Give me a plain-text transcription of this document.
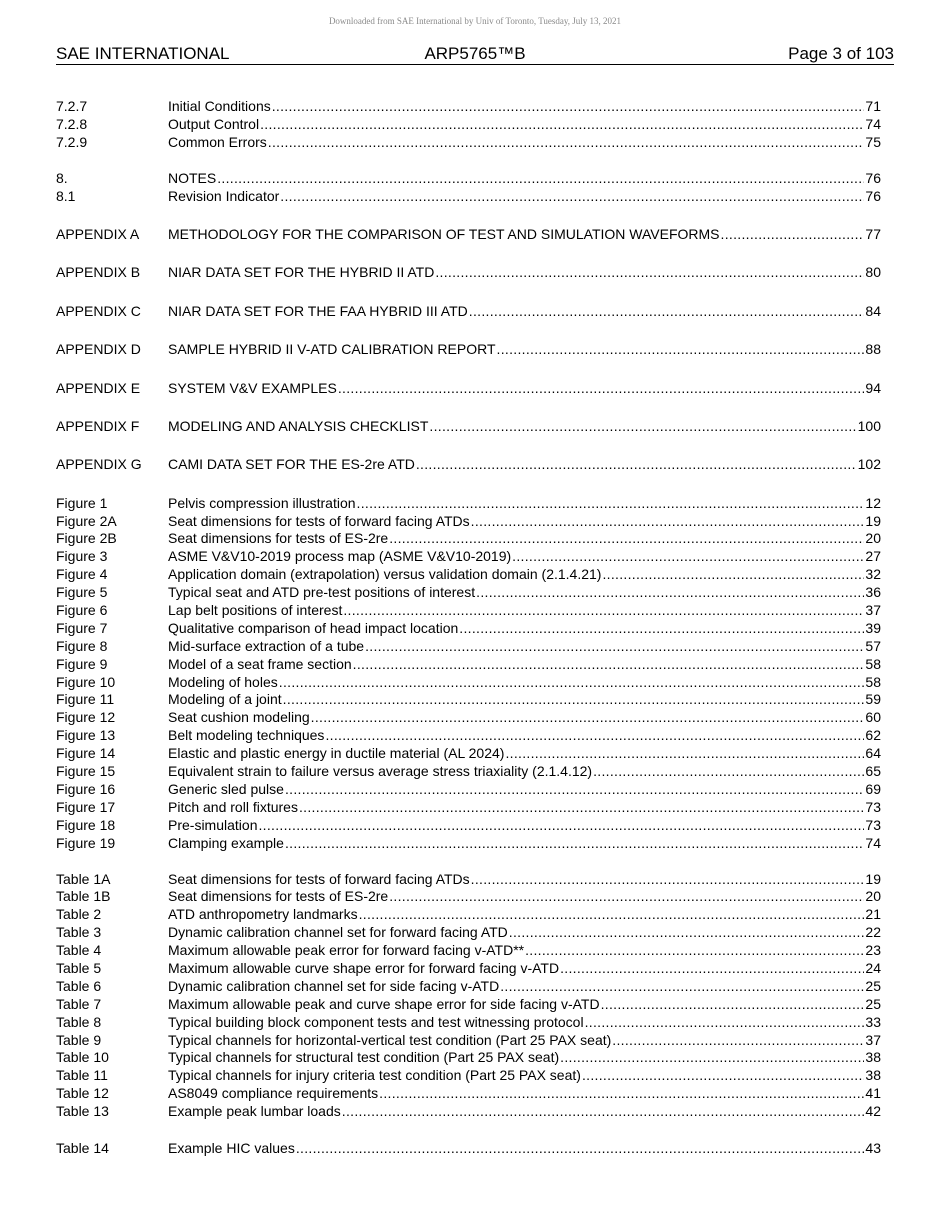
Downloaded from SAE International by Univ of Toronto, Tuesday, July 13, 2021
SAE INTERNATIONAL	ARP5765™B	Page 3 of 103
7.2.7	Initial Conditions .....	71
7.2.8	Output Control .....	74
7.2.9	Common Errors .....	75
8.	NOTES .....	76
8.1	Revision Indicator .....	76
APPENDIX A	METHODOLOGY FOR THE COMPARISON OF TEST AND SIMULATION WAVEFORMS .....	77
APPENDIX B	NIAR DATA SET FOR THE HYBRID II ATD .....	80
APPENDIX C	NIAR DATA SET FOR THE FAA HYBRID III ATD .....	84
APPENDIX D	SAMPLE HYBRID II V-ATD CALIBRATION REPORT .....	88
APPENDIX E	SYSTEM V&V EXAMPLES .....	94
APPENDIX F	MODELING AND ANALYSIS CHECKLIST .....	100
APPENDIX G	CAMI DATA SET FOR THE ES-2re ATD .....	102
Figure 1	Pelvis compression illustration .....	12
Figure 2A	Seat dimensions for tests of forward facing ATDs .....	19
Figure 2B	Seat dimensions for tests of ES-2re .....	20
Figure 3	ASME V&V10-2019 process map (ASME V&V10-2019) .....	27
Figure 4	Application domain (extrapolation) versus validation domain (2.1.4.21) .....	32
Figure 5	Typical seat and ATD pre-test positions of interest .....	36
Figure 6	Lap belt positions of interest .....	37
Figure 7	Qualitative comparison of head impact location .....	39
Figure 8	Mid-surface extraction of a tube .....	57
Figure 9	Model of a seat frame section .....	58
Figure 10	Modeling of holes .....	58
Figure 11	Modeling of a joint .....	59
Figure 12	Seat cushion modeling .....	60
Figure 13	Belt modeling techniques .....	62
Figure 14	Elastic and plastic energy in ductile material (AL 2024) .....	64
Figure 15	Equivalent strain to failure versus average stress triaxiality (2.1.4.12) .....	65
Figure 16	Generic sled pulse .....	69
Figure 17	Pitch and roll fixtures .....	73
Figure 18	Pre-simulation .....	73
Figure 19	Clamping example .....	74
Table 1A	Seat dimensions for tests of forward facing ATDs .....	19
Table 1B	Seat dimensions for tests of ES-2re .....	20
Table 2	ATD anthropometry landmarks .....	21
Table 3	Dynamic calibration channel set for forward facing ATD .....	22
Table 4	Maximum allowable peak error for forward facing v-ATD** .....	23
Table 5	Maximum allowable curve shape error for forward facing v-ATD .....	24
Table 6	Dynamic calibration channel set for side facing v-ATD .....	25
Table 7	Maximum allowable peak and curve shape error for side facing v-ATD .....	25
Table 8	Typical building block component tests and test witnessing protocol .....	33
Table 9	Typical channels for horizontal-vertical test condition (Part 25 PAX seat) .....	37
Table 10	Typical channels for structural test condition (Part 25 PAX seat) .....	38
Table 11	Typical channels for injury criteria test condition (Part 25 PAX seat) .....	38
Table 12	AS8049 compliance requirements .....	41
Table 13	Example peak lumbar loads .....	42
Table 14	Example HIC values .....	43
